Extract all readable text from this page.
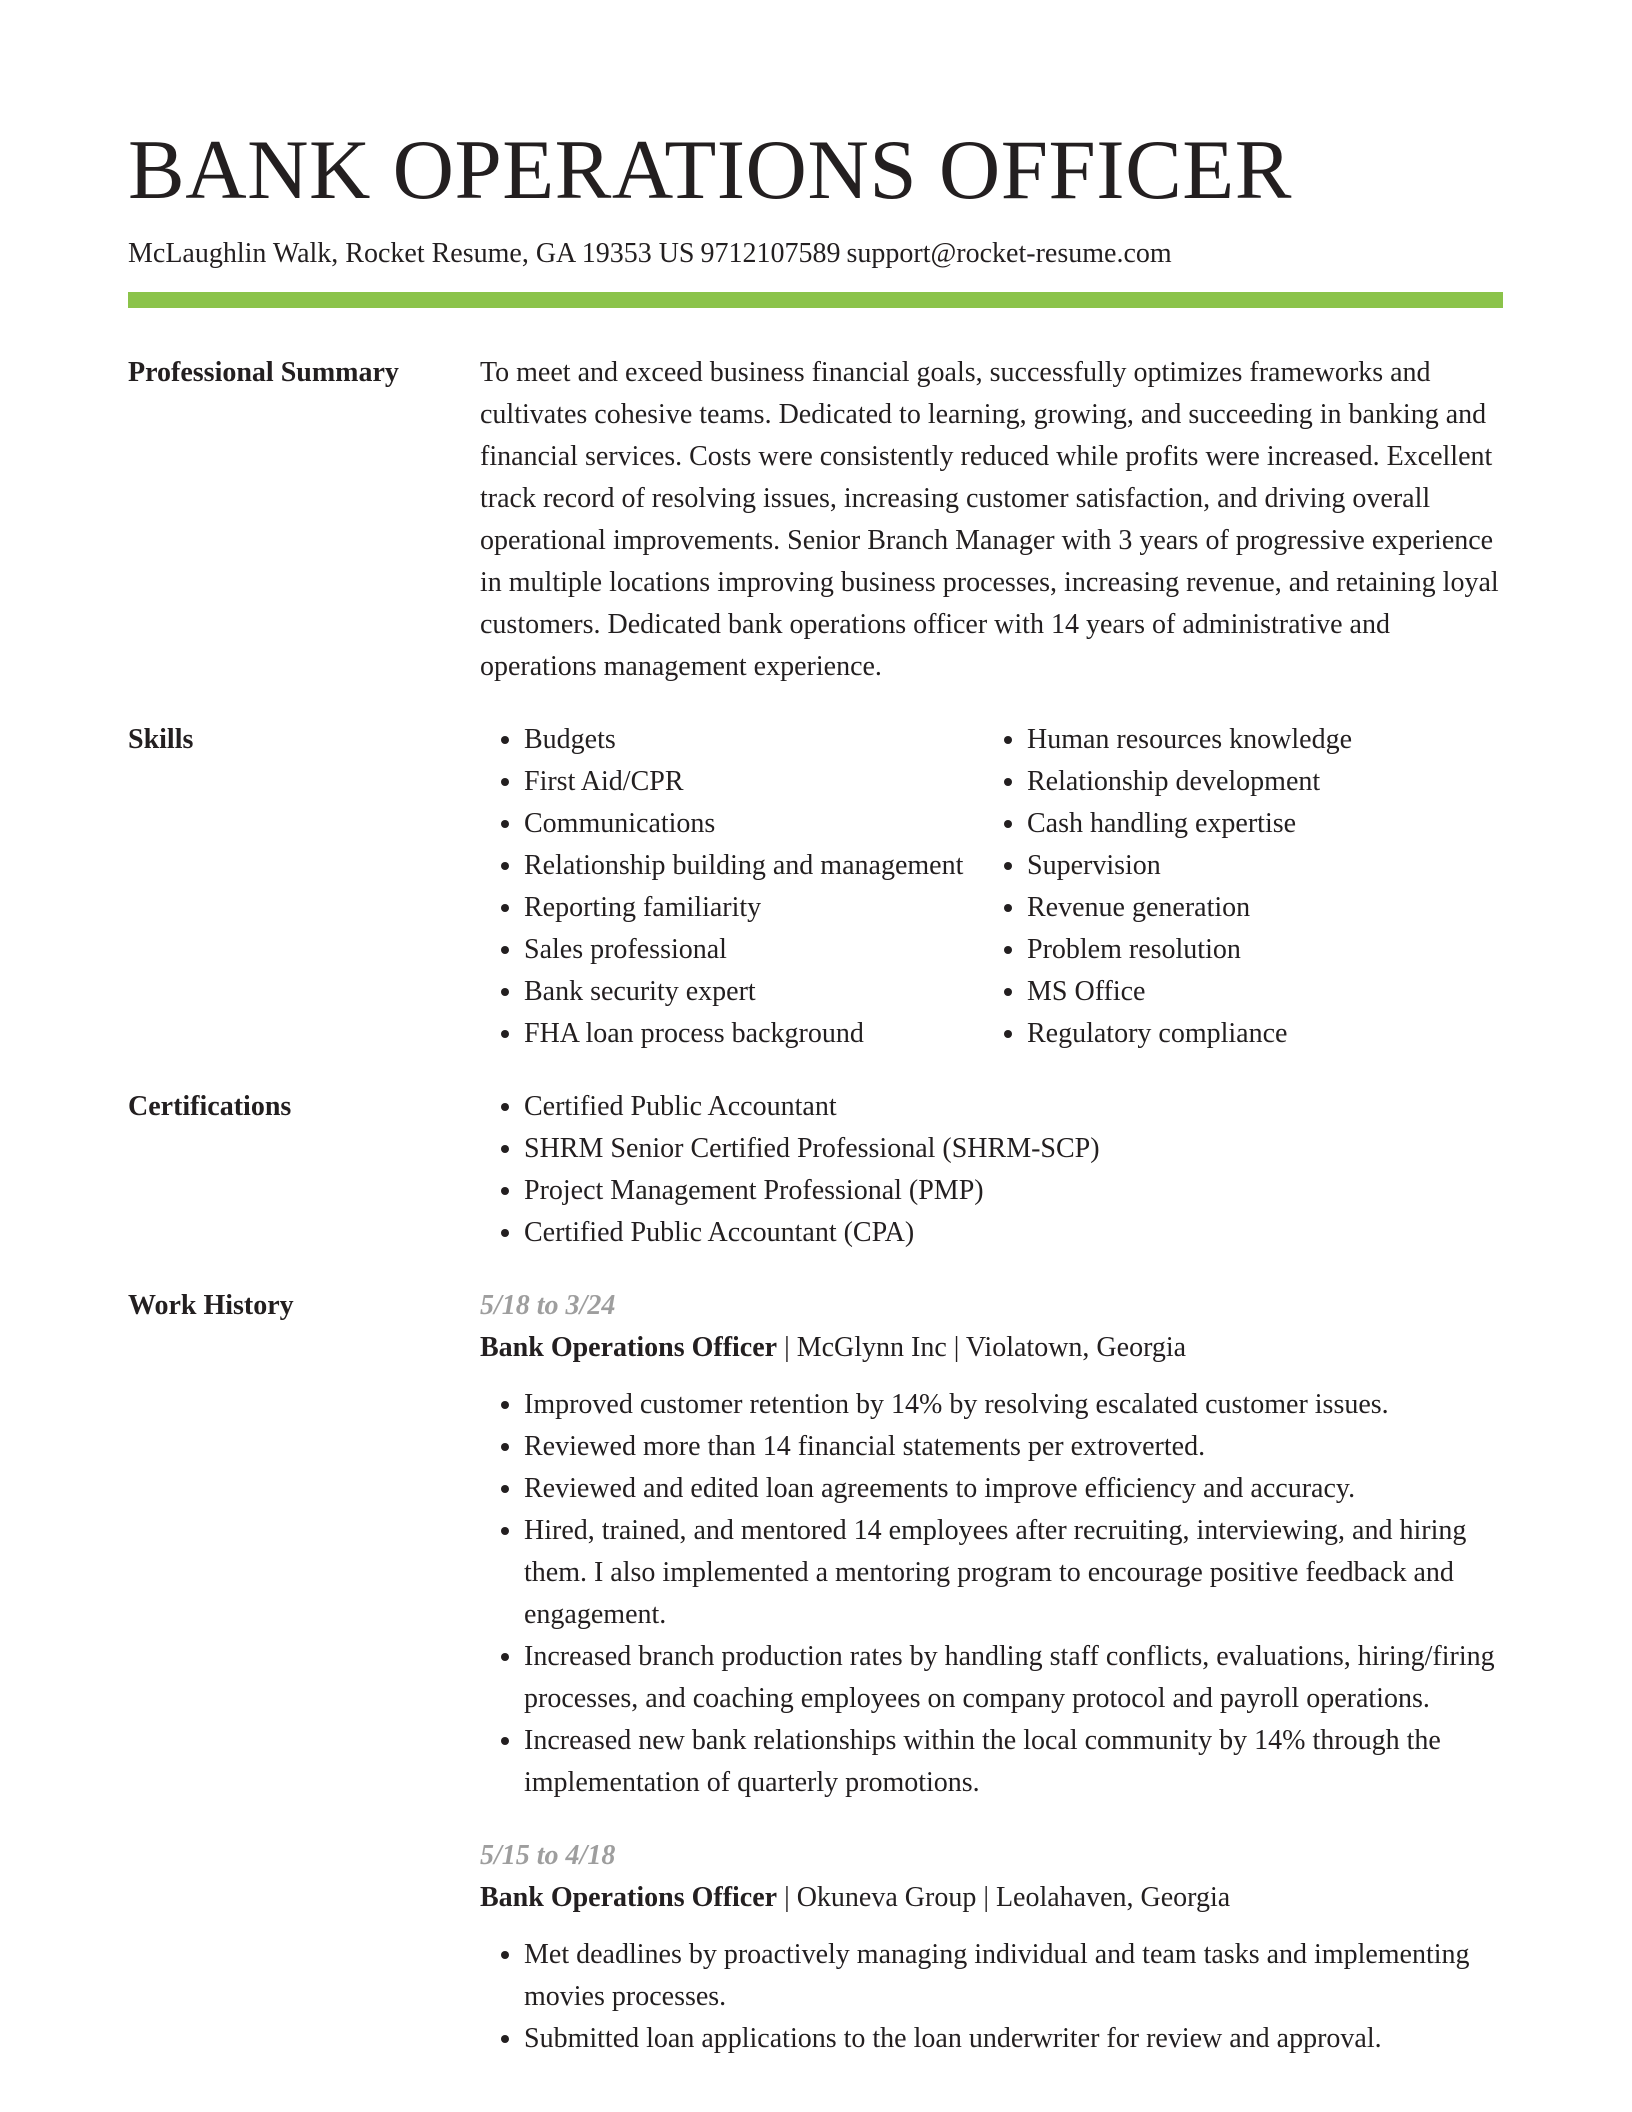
BANK OPERATIONS OFFICER
McLaughlin Walk, Rocket Resume, GA 19353 US 9712107589 support@rocket-resume.com
Professional Summary	To meet and exceed business financial goals, successfully optimizes frameworks and cultivates cohesive teams. Dedicated to learning, growing, and succeeding in banking and financial services. Costs were consistently reduced while profits were increased. Excellent track record of resolving issues, increasing customer satisfaction, and driving overall operational improvements. Senior Branch Manager with 3 years of progressive experience in multiple locations improving business processes, increasing revenue, and retaining loyal customers. Dedicated bank operations officer with 14 years of administrative and operations management experience.

Skills	• Budgets
• First Aid/CPR
• Communications
• Relationship building and management
• Reporting familiarity
• Sales professional
• Bank security expert
• FHA loan process background
• Human resources knowledge
• Relationship development
• Cash handling expertise
• Supervision
• Revenue generation
• Problem resolution
• MS Office
• Regulatory compliance
Certifications	• Certified Public Accountant
• SHRM Senior Certified Professional (SHRM-SCP)
• Project Management Professional (PMP)
• Certified Public Accountant (CPA)
Work History	5/18 to 3/24
Bank Operations Officer | McGlynn Inc | Violatown, Georgia
• Improved customer retention by 14% by resolving escalated customer issues.
• Reviewed more than 14 financial statements per extroverted.
• Reviewed and edited loan agreements to improve efficiency and accuracy.
• Hired, trained, and mentored 14 employees after recruiting, interviewing, and hiring them. I also implemented a mentoring program to encourage positive feedback and engagement.
• Increased branch production rates by handling staff conflicts, evaluations, hiring/firing processes, and coaching employees on company protocol and payroll operations.
• Increased new bank relationships within the local community by 14% through the implementation of quarterly promotions.
5/15 to 4/18
Bank Operations Officer | Okuneva Group | Leolahaven, Georgia
• Met deadlines by proactively managing individual and team tasks and implementing movies processes.
• Submitted loan applications to the loan underwriter for review and approval.
